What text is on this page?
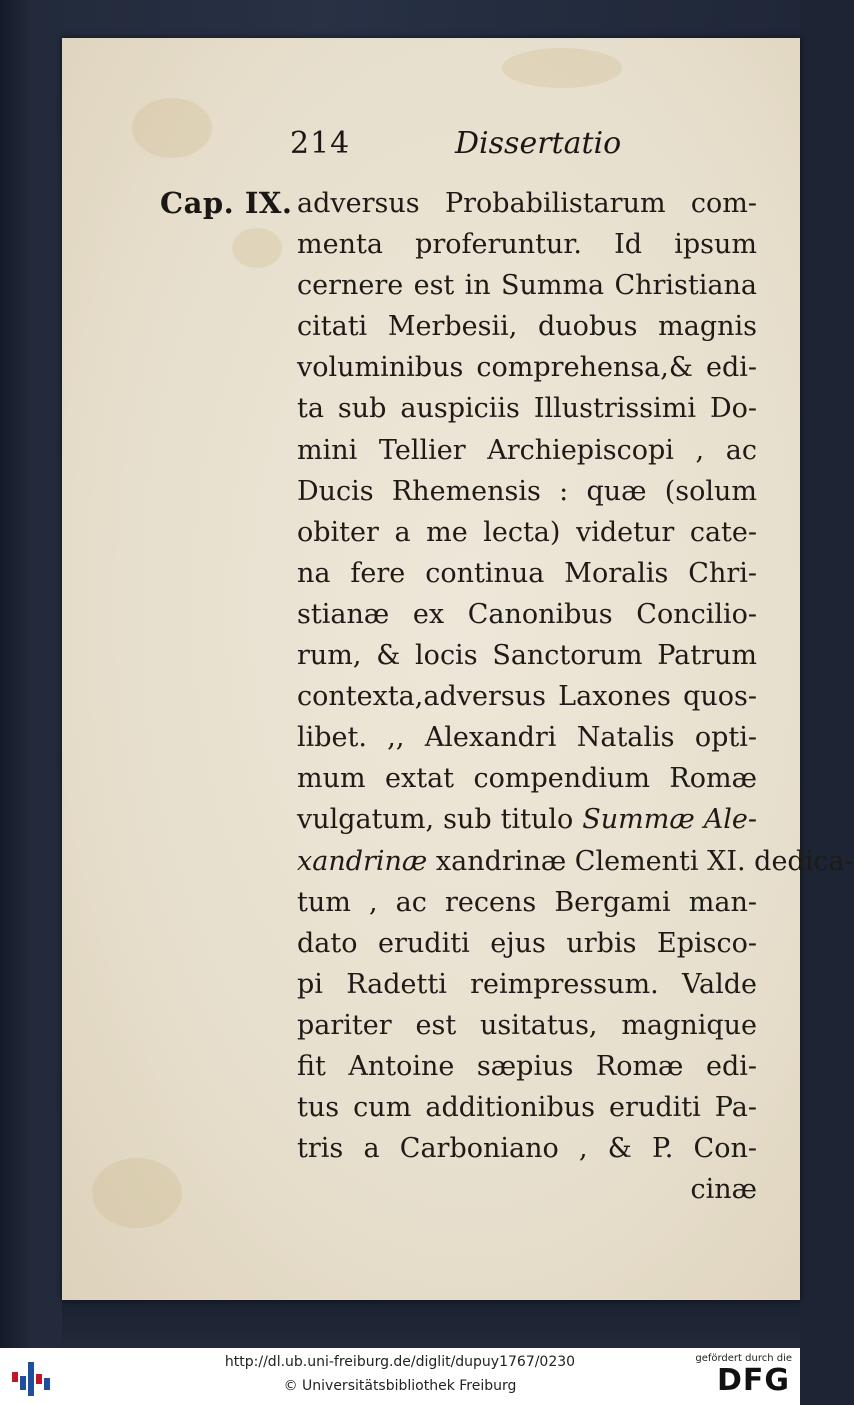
214	Dissertatio
Cap. IX. adversus Probabilistarum com-
menta proferuntur. Id ipsum
cernere est in Summa Christiana
citati Merbesii, duobus magnis
voluminibus comprehensa,& edi-
ta sub auspiciis Illustrissimi Do-
mini Tellier Archiepiscopi , ac
Ducis Rhemensis : quæ (solum
obiter a me lecta) videtur cate-
na fere continua Moralis Chri-
stianæ ex Canonibus Concilio-
rum, & locis Sanctorum Patrum
contexta,adversus Laxones quos-
libet. ,, Alexandri Natalis opti-
mum extat compendium Romæ
vulgatum, sub titulo Summæ Ale-
xandrinæ xandrinæ Clementi XI. dedica-
tum , ac recens Bergami man-
dato eruditi ejus urbis Episco-
pi Radetti reimpressum. Valde
pariter est usitatus, magnique
fit Antoine sæpius Romæ edi-
tus cum additionibus eruditi Pa-
tris a Carboniano , & P. Con-
cinæ
http://dl.ub.uni-freiburg.de/diglit/dupuy1767/0230
© Universitätsbibliothek Freiburg
gefördert durch die
DFG
